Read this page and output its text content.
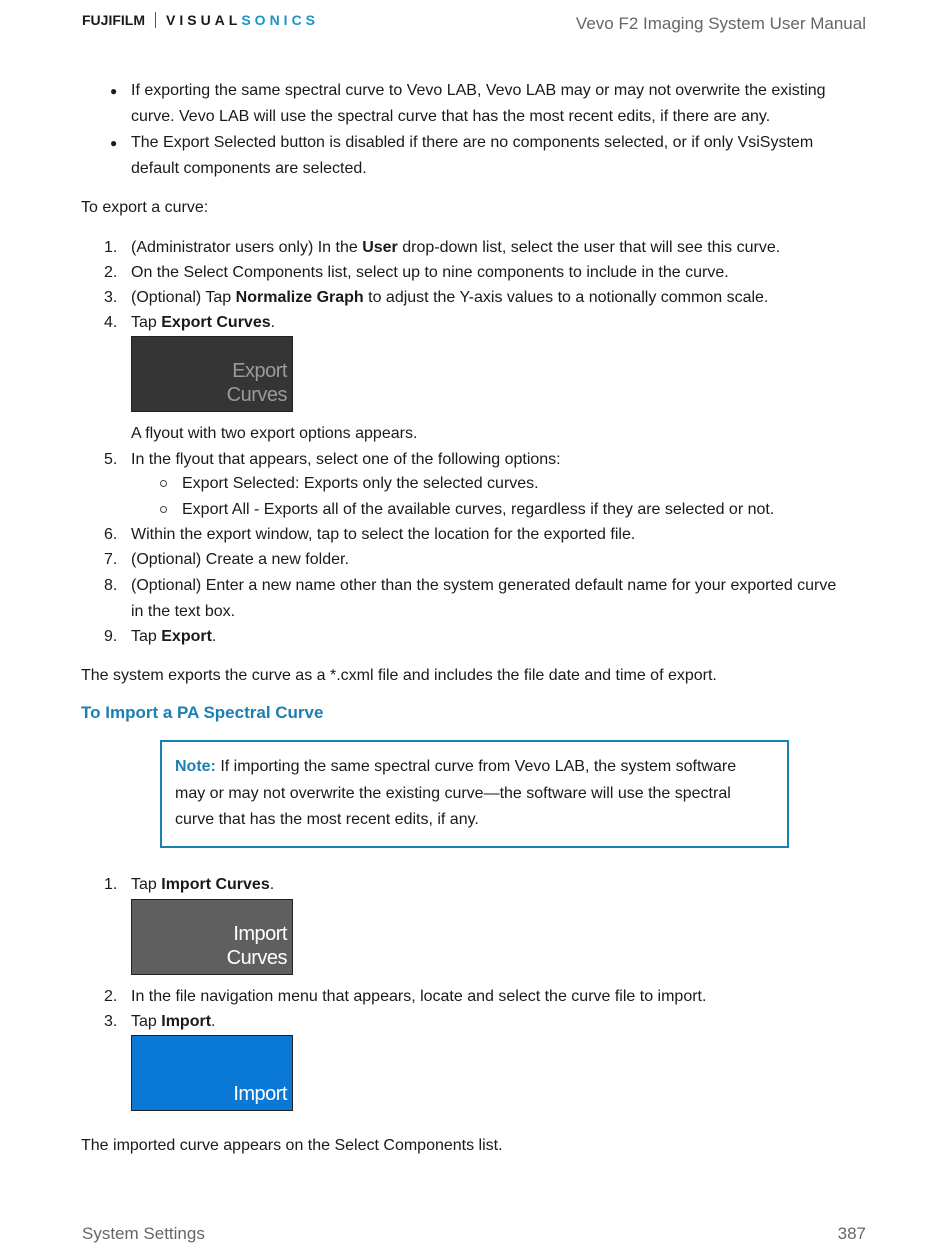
FUJIFILM VISUAL SONICS	Vevo F2 Imaging System User Manual
● If exporting the same spectral curve to Vevo LAB, Vevo LAB may or may not overwrite the existing
curve. Vevo LAB will use the spectral curve that has the most recent edits, if there are any.
● The Export Selected button is disabled if there are no components selected, or if only VsiSystem
default components are selected.
To export a curve:
1. (Administrator users only) In the User drop-down list, select the user that will see this curve.
2. On the Select Components list, select up to nine components to include in the curve.
3. (Optional) Tap Normalize Graph to adjust the Y-axis values to a notionally common scale.
4. Tap Export Curves.
Export
Curves
A flyout with two export options appears.
5. In the flyout that appears, select one of the following options:
Export Selected: Exports only the selected curves.
Export All - Exports all of the available curves, regardless if they are selected or not.
6. Within the export window, tap to select the location for the exported file.
7. (Optional) Create a new folder.
8. (Optional) Enter a new name other than the system generated default name for your exported curve
in the text box.
9. Tap Export.
The system exports the curve as a *.cxml file and includes the file date and time of export.
To Import a PA Spectral Curve
Note: If importing the same spectral curve from Vevo LAB, the system software
may or may not overwrite the existing curve—the software will use the spectral
curve that has the most recent edits, if any.
1. Tap Import Curves.
Import
Curves
2. In the file navigation menu that appears, locate and select the curve file to import.
3. Tap Import.
Import
The imported curve appears on the Select Components list.
System Settings	387
